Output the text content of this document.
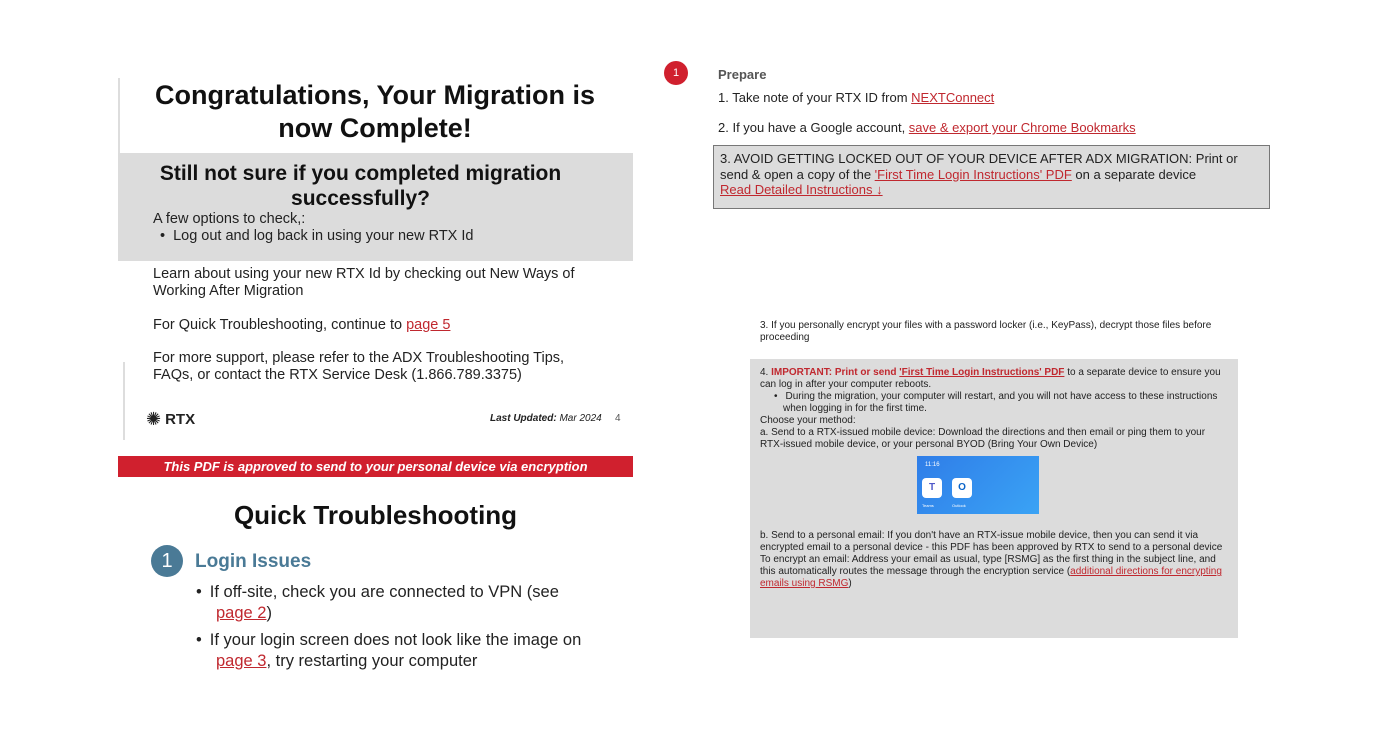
Congratulations, Your Migration is now Complete!
Still not sure if you completed migration successfully?
A few options to check,:
• Log out and log back in using your new RTX Id
Learn about using your new RTX Id by checking out New Ways of Working After Migration
For Quick Troubleshooting, continue to page 5
For more support, please refer to the ADX Troubleshooting Tips, FAQs, or contact the RTX Service Desk (1.866.789.3375)
✺ RTX	Last Updated: Mar 2024 4
This PDF is approved to send to your personal device via encryption
Quick Troubleshooting
1	Login Issues
• If off-site, check you are connected to VPN (see page 2)
• If your login screen does not look like the image on page 3, try restarting your computer
1	Prepare
1. Take note of your RTX ID from NEXTConnect
2. If you have a Google account, save & export your Chrome Bookmarks
3. AVOID GETTING LOCKED OUT OF YOUR DEVICE AFTER ADX MIGRATION: Print or send & open a copy of the 'First Time Login Instructions' PDF on a separate device
Read Detailed Instructions ↓
3. If you personally encrypt your files with a password locker (i.e., KeyPass), decrypt those files before proceeding
4. IMPORTANT: Print or send 'First Time Login Instructions' PDF to a separate device to ensure you can log in after your computer reboots.
• During the migration, your computer will restart, and you will not have access to these instructions when logging in for the first time.
Choose your method:
a. Send to a RTX-issued mobile device: Download the directions and then email or ping them to your RTX-issued mobile device, or your personal BYOD (Bring Your Own Device)
11:16
T	O
Teams	Outlook
b. Send to a personal email: If you don't have an RTX-issue mobile device, then you can send it via encrypted email to a personal device - this PDF has been approved by RTX to send to a personal device
To encrypt an email: Address your email as usual, type [RSMG] as the first thing in the subject line, and this automatically routes the message through the encryption service (additional directions for encrypting emails using RSMG)
